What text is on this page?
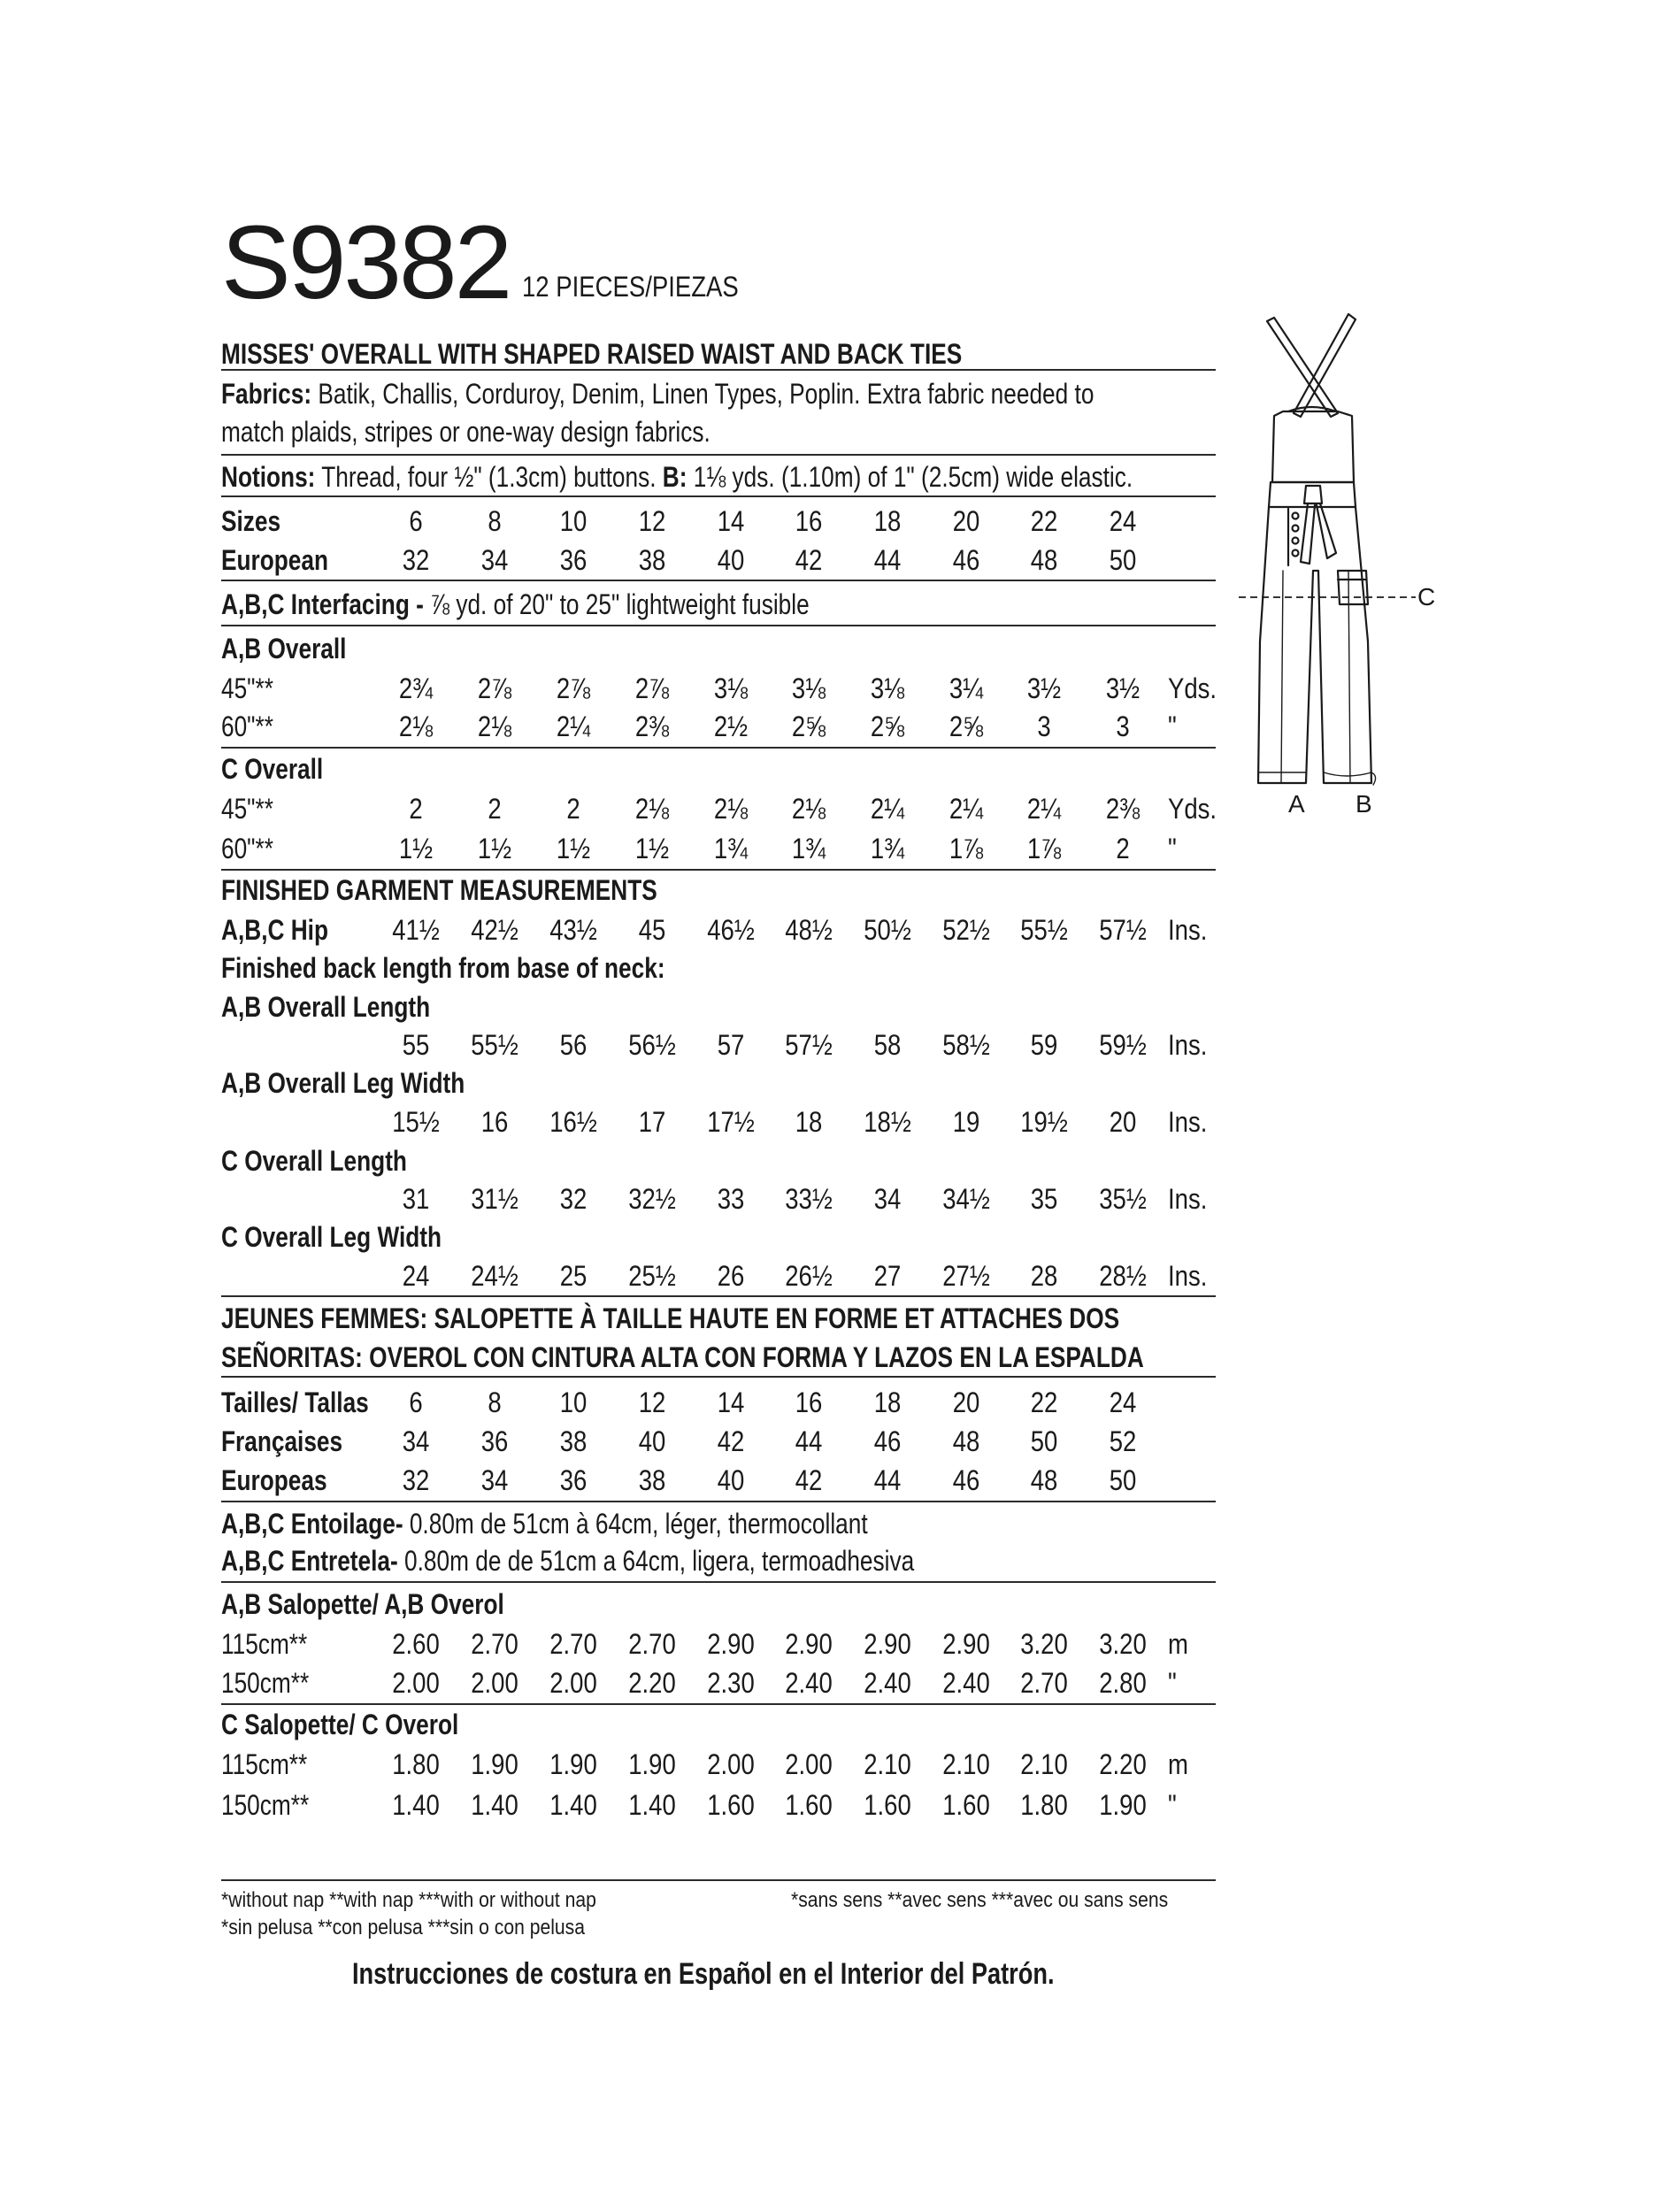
S9382 12 PIECES/PIEZAS
MISSES' OVERALL WITH SHAPED RAISED WAIST AND BACK TIES
Fabrics: Batik, Challis, Corduroy, Denim, Linen Types, Poplin. Extra fabric needed to
match plaids, stripes or one-way design fabrics.
Notions: Thread, four ½" (1.3cm) buttons. B: 1⅛ yds. (1.10m) of 1" (2.5cm) wide elastic.
Sizes	6 8 10 12 14 16 18 20 22 24
European	32 34 36 38 40 42 44 46 48 50
A,B,C Interfacing - ⅞ yd. of 20" to 25" lightweight fusible
A,B Overall
45"**	2¾ 2⅞ 2⅞ 2⅞ 3⅛ 3⅛ 3⅛ 3¼ 3½ 3½ Yds.
60"**	2⅛ 2⅛ 2¼ 2⅜ 2½ 2⅝ 2⅝ 2⅝ 3 3 "
C Overall
45"**	2 2 2 2⅛ 2⅛ 2⅛ 2¼ 2¼ 2¼ 2⅜ Yds.
60"**	1½ 1½ 1½ 1½ 1¾ 1¾ 1¾ 1⅞ 1⅞ 2 "
FINISHED GARMENT MEASUREMENTS
A,B,C Hip	41½ 42½ 43½ 45 46½ 48½ 50½ 52½ 55½ 57½ Ins.
Finished back length from base of neck:
A,B Overall Length
55 55½ 56 56½ 57 57½ 58 58½ 59 59½ Ins.
A,B Overall Leg Width
15½ 16 16½ 17 17½ 18 18½ 19 19½ 20 Ins.
C Overall Length
31 31½ 32 32½ 33 33½ 34 34½ 35 35½ Ins.
C Overall Leg Width
24 24½ 25 25½ 26 26½ 27 27½ 28 28½ Ins.
JEUNES FEMMES: SALOPETTE À TAILLE HAUTE EN FORME ET ATTACHES DOS
SEÑORITAS: OVEROL CON CINTURA ALTA CON FORMA Y LAZOS EN LA ESPALDA
Tailles/ Tallas	6 8 10 12 14 16 18 20 22 24
Françaises	34 36 38 40 42 44 46 48 50 52
Europeas	32 34 36 38 40 42 44 46 48 50
A,B,C Entoilage- 0.80m de 51cm à 64cm, léger, thermocollant
A,B,C Entretela- 0.80m de de 51cm a 64cm, ligera, termoadhesiva
A,B Salopette/ A,B Overol
115cm**	2.60 2.70 2.70 2.70 2.90 2.90 2.90 2.90 3.20 3.20 m
150cm**	2.00 2.00 2.00 2.20 2.30 2.40 2.40 2.40 2.70 2.80 "
C Salopette/ C Overol
115cm**	1.80 1.90 1.90 1.90 2.00 2.00 2.10 2.10 2.10 2.20 m
150cm**	1.40 1.40 1.40 1.40 1.60 1.60 1.60 1.60 1.80 1.90 "
*without nap **with nap ***with or without nap	*sans sens **avec sens ***avec ou sans sens
*sin pelusa **con pelusa ***sin o con pelusa
Instrucciones de costura en Español en el Interior del Patrón.
C
A B
